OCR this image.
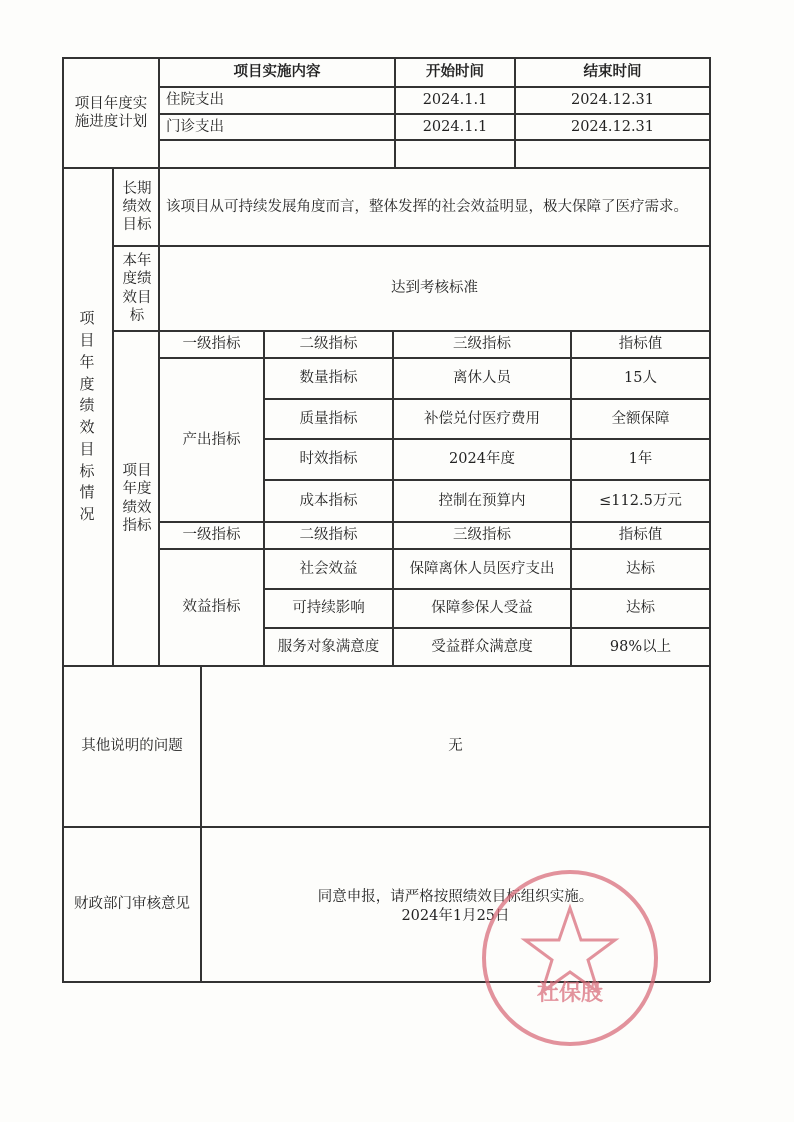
项目年度实施进度计划
项目实施内容	开始时间	结束时间
住院支出	2024.1.1	2024.12.31
门诊支出	2024.1.1	2024.12.31
项目年度绩效目标情况
长期绩效目标
该项目从可持续发展角度而言，整体发挥的社会效益明显，极大保障了医疗需求。
本年度绩效目标
达到考核标准
项目年度绩效指标
一级指标	二级指标	三级指标	指标值
产出指标
数量指标	离休人员	15人
质量指标	补偿兑付医疗费用	全额保障
时效指标	2024年度	1年
成本指标	控制在预算内	≤112.5万元
一级指标	二级指标	三级指标	指标值
效益指标
社会效益	保障离休人员医疗支出	达标
可持续影响	保障参保人受益	达标
服务对象满意度	受益群众满意度	98%以上
其他说明的问题	无
财政部门审核意见	同意申报，请严格按照绩效目标组织实施。
2024年1月25日
社保股
